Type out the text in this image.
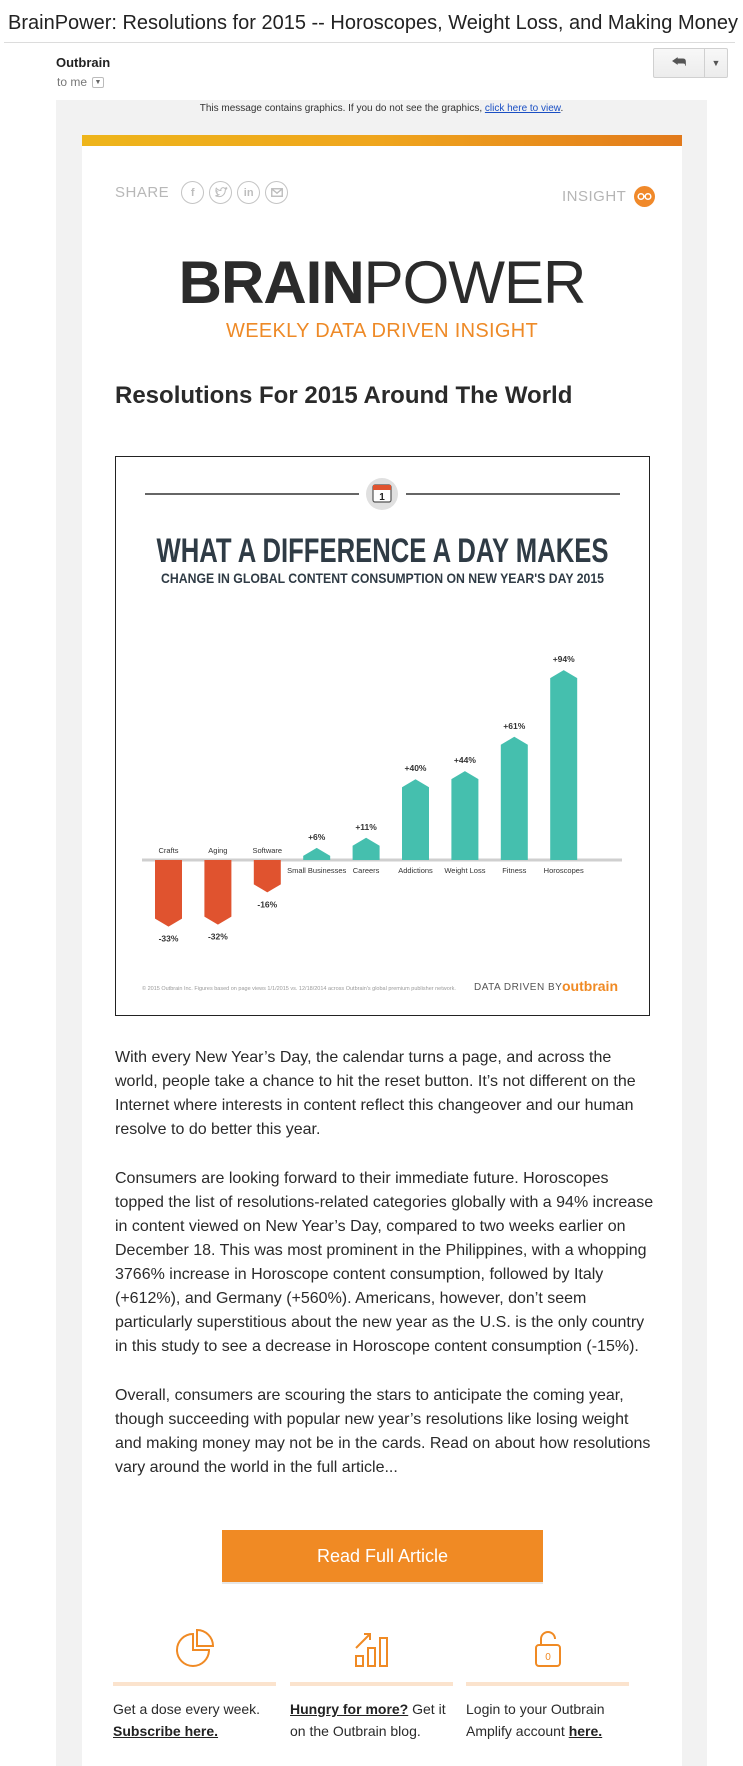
BrainPower: Resolutions for 2015 -- Horoscopes, Weight Loss, and Making Money
Outbrain
to me	▼
⮪	▼
This message contains graphics. If you do not see the graphics, click here to view.
SHARE	f	in	INSIGHT
BRAINPOWER
WEEKLY DATA DRIVEN INSIGHT
Resolutions For 2015 Around The World
1
WHAT A DIFFERENCE A DAY MAKES
CHANGE IN GLOBAL CONTENT CONSUMPTION ON NEW YEAR'S DAY 2015
Crafts
-33%
Aging
-32%
Software
-16%
Small Businesses
+6%
Careers
+11%
Addictions
+40%
Weight Loss
+44%
Fitness
+61%
Horoscopes
+94%
© 2015 Outbrain Inc. Figures based on page views 1/1/2015 vs. 12/18/2014 across Outbrain's global premium publisher network. DATA DRIVEN BY outbrain

With every New Year’s Day, the calendar turns a page, and across the world, people take a chance to hit the reset button. It’s not different on the Internet where interests in content reflect this changeover and our human resolve to do better this year.

Consumers are looking forward to their immediate future. Horoscopes topped the list of resolutions-related categories globally with a 94% increase in content viewed on New Year’s Day, compared to two weeks earlier on December 18. This was most prominent in the Philippines, with a whopping 3766% increase in Horoscope content consumption, followed by Italy (+612%), and Germany (+560%). Americans, however, don’t seem particularly superstitious about the new year as the U.S. is the only country in this study to see a decrease in Horoscope content consumption (-15%).

Overall, consumers are scouring the stars to anticipate the coming year, though succeeding with popular new year’s resolutions like losing weight and making money may not be in the cards. Read on about how resolutions vary around the world in the full article...

Read Full Article
Get a dose every week. Subscribe here.
Hungry for more? Get it on the Outbrain blog.
0
Login to your Outbrain Amplify account here.
